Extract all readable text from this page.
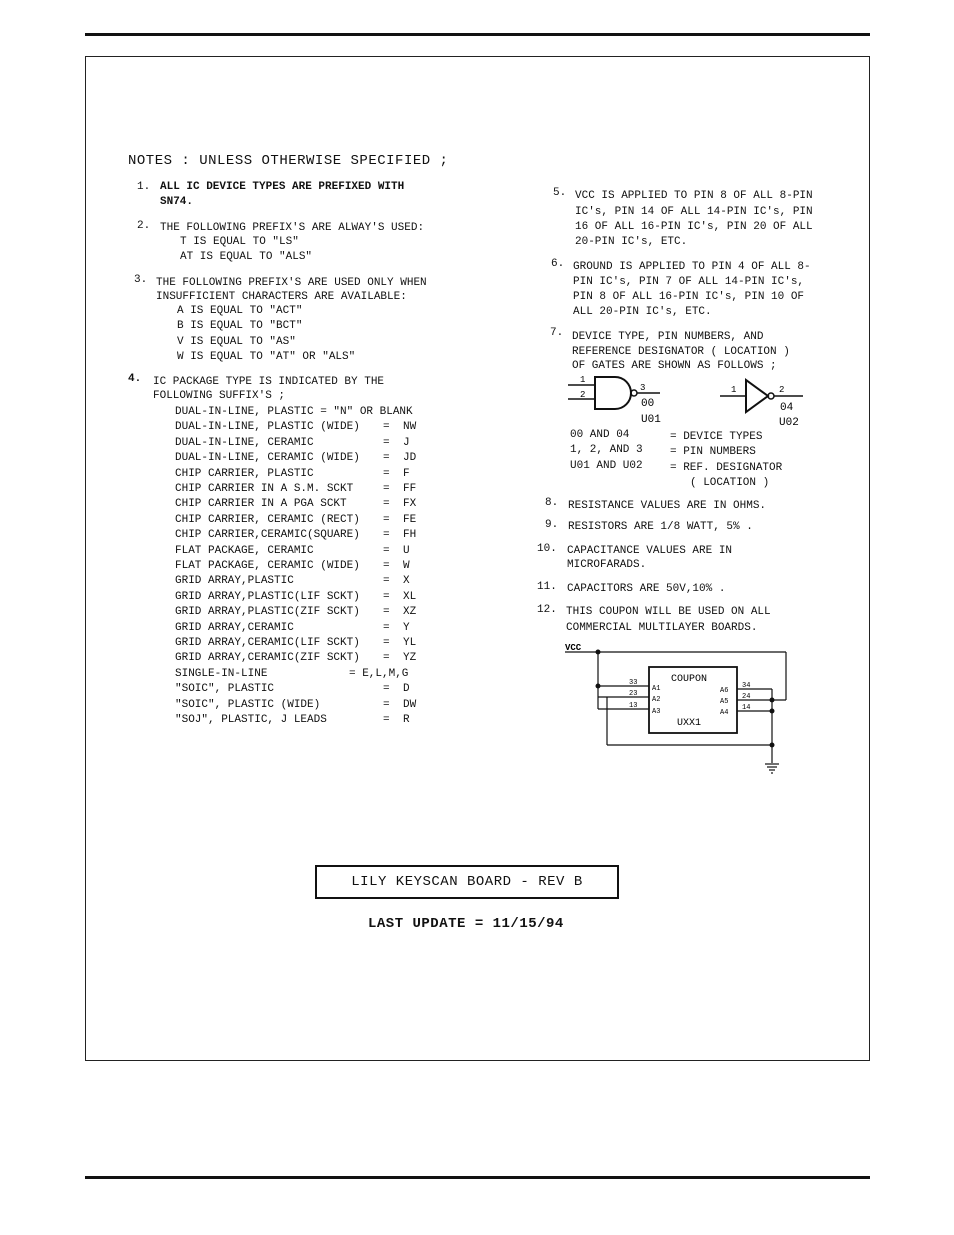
NOTES : UNLESS OTHERWISE SPECIFIED ;
1. ALL IC DEVICE TYPES ARE PREFIXED WITH
SN74.
2. THE FOLLOWING PREFIX'S ARE ALWAY'S USED:
T IS EQUAL TO "LS"
AT IS EQUAL TO "ALS"
3. THE FOLLOWING PREFIX'S ARE USED ONLY WHEN
INSUFFICIENT CHARACTERS ARE AVAILABLE:
A IS EQUAL TO "ACT"
B IS EQUAL TO "BCT"
V IS EQUAL TO "AS"
W IS EQUAL TO "AT" OR "ALS"
4. IC PACKAGE TYPE IS INDICATED BY THE
FOLLOWING SUFFIX'S ;
DUAL-IN-LINE, PLASTIC = "N" OR BLANK
DUAL-IN-LINE, PLASTIC (WIDE) = NW
DUAL-IN-LINE, CERAMIC	= J
DUAL-IN-LINE, CERAMIC (WIDE) = JD
CHIP CARRIER, PLASTIC	= F
CHIP CARRIER IN A S.M. SCKT	= FF
CHIP CARRIER IN A PGA SCKT	= FX
CHIP CARRIER, CERAMIC (RECT) = FE
CHIP CARRIER,CERAMIC(SQUARE) = FH
FLAT PACKAGE, CERAMIC	= U
FLAT PACKAGE, CERAMIC (WIDE) = W
GRID ARRAY,PLASTIC	= X
GRID ARRAY,PLASTIC(LIF SCKT) = XL
GRID ARRAY,PLASTIC(ZIF SCKT) = XZ
GRID ARRAY,CERAMIC	= Y
GRID ARRAY,CERAMIC(LIF SCKT) = YL
GRID ARRAY,CERAMIC(ZIF SCKT) = YZ
SINGLE-IN-LINE	= E,L,M,G
"SOIC", PLASTIC	= D
"SOIC", PLASTIC (WIDE)	= DW
"SOJ", PLASTIC, J LEADS	= R
5. VCC IS APPLIED TO PIN 8 OF ALL 8-PIN
IC's, PIN 14 OF ALL 14-PIN IC's, PIN
16 OF ALL 16-PIN IC's, PIN 20 OF ALL
20-PIN IC's, ETC.
6. GROUND IS APPLIED TO PIN 4 OF ALL 8-
PIN IC's, PIN 7 OF ALL 14-PIN IC's,
PIN 8 OF ALL 16-PIN IC's, PIN 10 OF
ALL 20-PIN IC's, ETC.
7. DEVICE TYPE, PIN NUMBERS, AND
REFERENCE DESIGNATOR ( LOCATION )
OF GATES ARE SHOWN AS FOLLOWS ;
1
2
3
00
U01
1	2
04
U02
00 AND 04	= DEVICE TYPES
1, 2, AND 3 = PIN NUMBERS
U01 AND U02 = REF. DESIGNATOR
( LOCATION )
8. RESISTANCE VALUES ARE IN OHMS.
9. RESISTORS ARE 1/8 WATT, 5% .
10. CAPACITANCE VALUES ARE IN
MICROFARADS.
11. CAPACITORS ARE 50V,10% .
12. THIS COUPON WILL BE USED ON ALL
COMMERCIAL MULTILAYER BOARDS.
VCC
COUPON
UXX1
A1
A2
A3
33
23
13
A6
A5
A4
34
24
14
LILY KEYSCAN BOARD - REV B
LAST UPDATE = 11/15/94
